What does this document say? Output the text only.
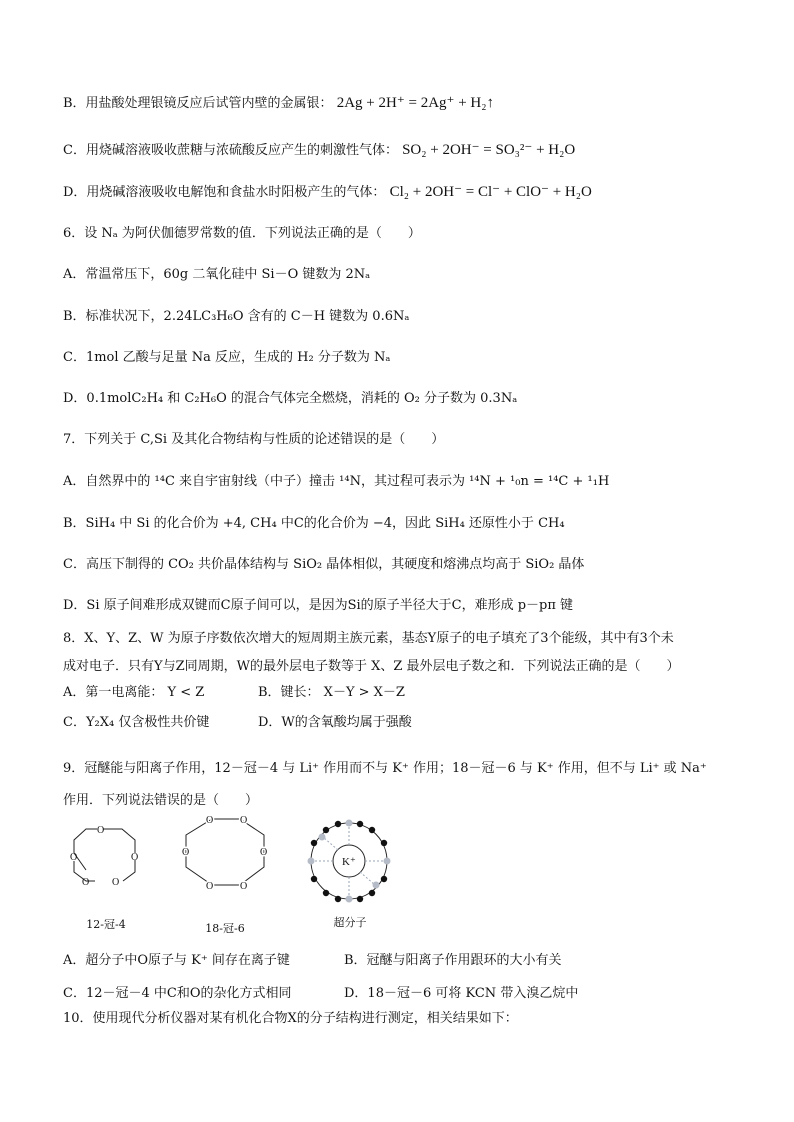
B．用盐酸处理银镜反应后试管内壁的金属银： 2Ag + 2H⁺ = 2Ag⁺ + H₂↑
C．用烧碱溶液吸收蔗糖与浓硫酸反应产生的刺激性气体： SO₂ + 2OH⁻ = SO₃²⁻ + H₂O
D．用烧碱溶液吸收电解饱和食盐水时阳极产生的气体： Cl₂ + 2OH⁻ = Cl⁻ + ClO⁻ + H₂O
6．设 Nₐ 为阿伏伽德罗常数的值．下列说法正确的是（　　）
A．常温常压下，60g 二氧化硅中 Si－O 键数为 2Nₐ
B．标准状况下，2.24LC₃H₆O 含有的 C－H 键数为 0.6Nₐ
C．1mol 乙酸与足量 Na 反应，生成的 H₂ 分子数为 Nₐ
D．0.1molC₂H₄ 和 C₂H₆O 的混合气体完全燃烧，消耗的 O₂ 分子数为 0.3Nₐ
7．下列关于 C,Si 及其化合物结构与性质的论述错误的是（　　）
A．自然界中的 ¹⁴C 来自宇宙射线（中子）撞击 ¹⁴N，其过程可表示为 ¹⁴N + ¹₀n = ¹⁴C + ¹₁H
B．SiH₄ 中 Si 的化合价为 +4, CH₄ 中C的化合价为 −4，因此 SiH₄ 还原性小于 CH₄
C．高压下制得的 CO₂ 共价晶体结构与 SiO₂ 晶体相似，其硬度和熔沸点均高于 SiO₂ 晶体
D．Si 原子间难形成双键而C原子间可以，是因为Si的原子半径大于C，难形成 p－pπ 键
8．X、Y、Z、W 为原子序数依次增大的短周期主族元素，基态Y原子的电子填充了3个能级，其中有3个未
成对电子．只有Y与Z同周期，W的最外层电子数等于 X、Z 最外层电子数之和．下列说法正确的是（　　）
A．第一电离能： Y < Z	B．键长： X－Y > X－Z
C．Y₂X₄ 仅含极性共价键	D．W的含氧酸均属于强酸
9．冠醚能与阳离子作用，12－冠－4 与 Li⁺ 作用而不与 K⁺ 作用；18－冠－6 与 K⁺ 作用，但不与 Li⁺ 或 Na⁺
作用．下列说法错误的是（　　）
O
O
O
O
O
O	O
O
O
O
O
K⁺
12-冠-4	18-冠-6	超分子
A．超分子中O原子与 K⁺ 间存在离子键	B．冠醚与阳离子作用跟环的大小有关
C．12－冠－4 中C和O的杂化方式相同	D．18－冠－6 可将 KCN 带入溴乙烷中
10．使用现代分析仪器对某有机化合物X的分子结构进行测定，相关结果如下：
